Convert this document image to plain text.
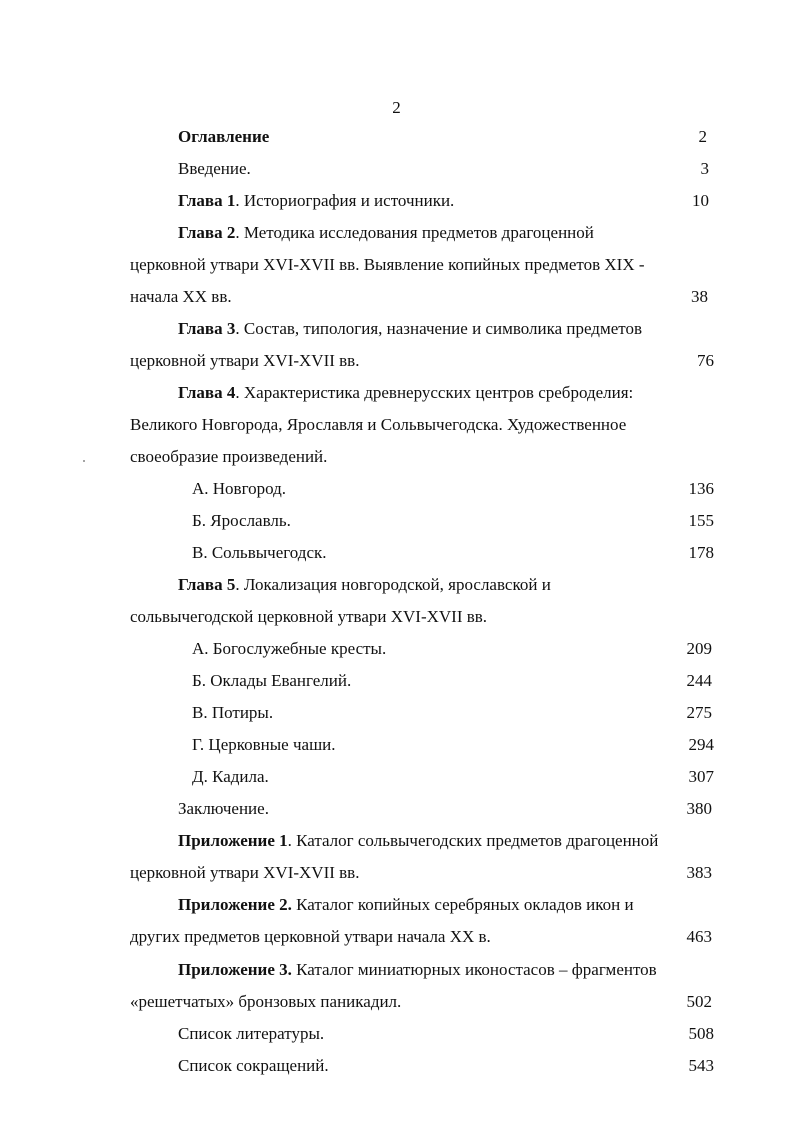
2
Оглавление	2
Введение.	3
Глава 1. Историография и источники.	10
Глава 2. Методика исследования предметов драгоценной
церковной утвари XVI-XVII вв. Выявление копийных предметов XIX -
начала XX вв.	38
Глава 3. Состав, типология, назначение и символика предметов
церковной утвари XVI-XVII вв.	76
Глава 4. Характеристика древнерусских центров среброделия:
Великого Новгорода, Ярославля и Сольвычегодска. Художественное
своеобразие произведений.
А. Новгород.	136
Б. Ярославль.	155
В. Сольвычегодск.	178
Глава 5. Локализация новгородской, ярославской и
сольвычегодской церковной утвари XVI-XVII вв.
А. Богослужебные кресты.	209
Б. Оклады Евангелий.	244
В. Потиры.	275
Г. Церковные чаши.	294
Д. Кадила.	307
Заключение.	380
Приложение 1. Каталог сольвычегодских предметов драгоценной
церковной утвари XVI-XVII вв.	383
Приложение 2. Каталог копийных серебряных окладов икон и
других предметов церковной утвари начала XX в.	463
Приложение 3. Каталог миниатюрных иконостасов – фрагментов
«решетчатых» бронзовых паникадил.	502
Список литературы.	508
Список сокращений.	543
